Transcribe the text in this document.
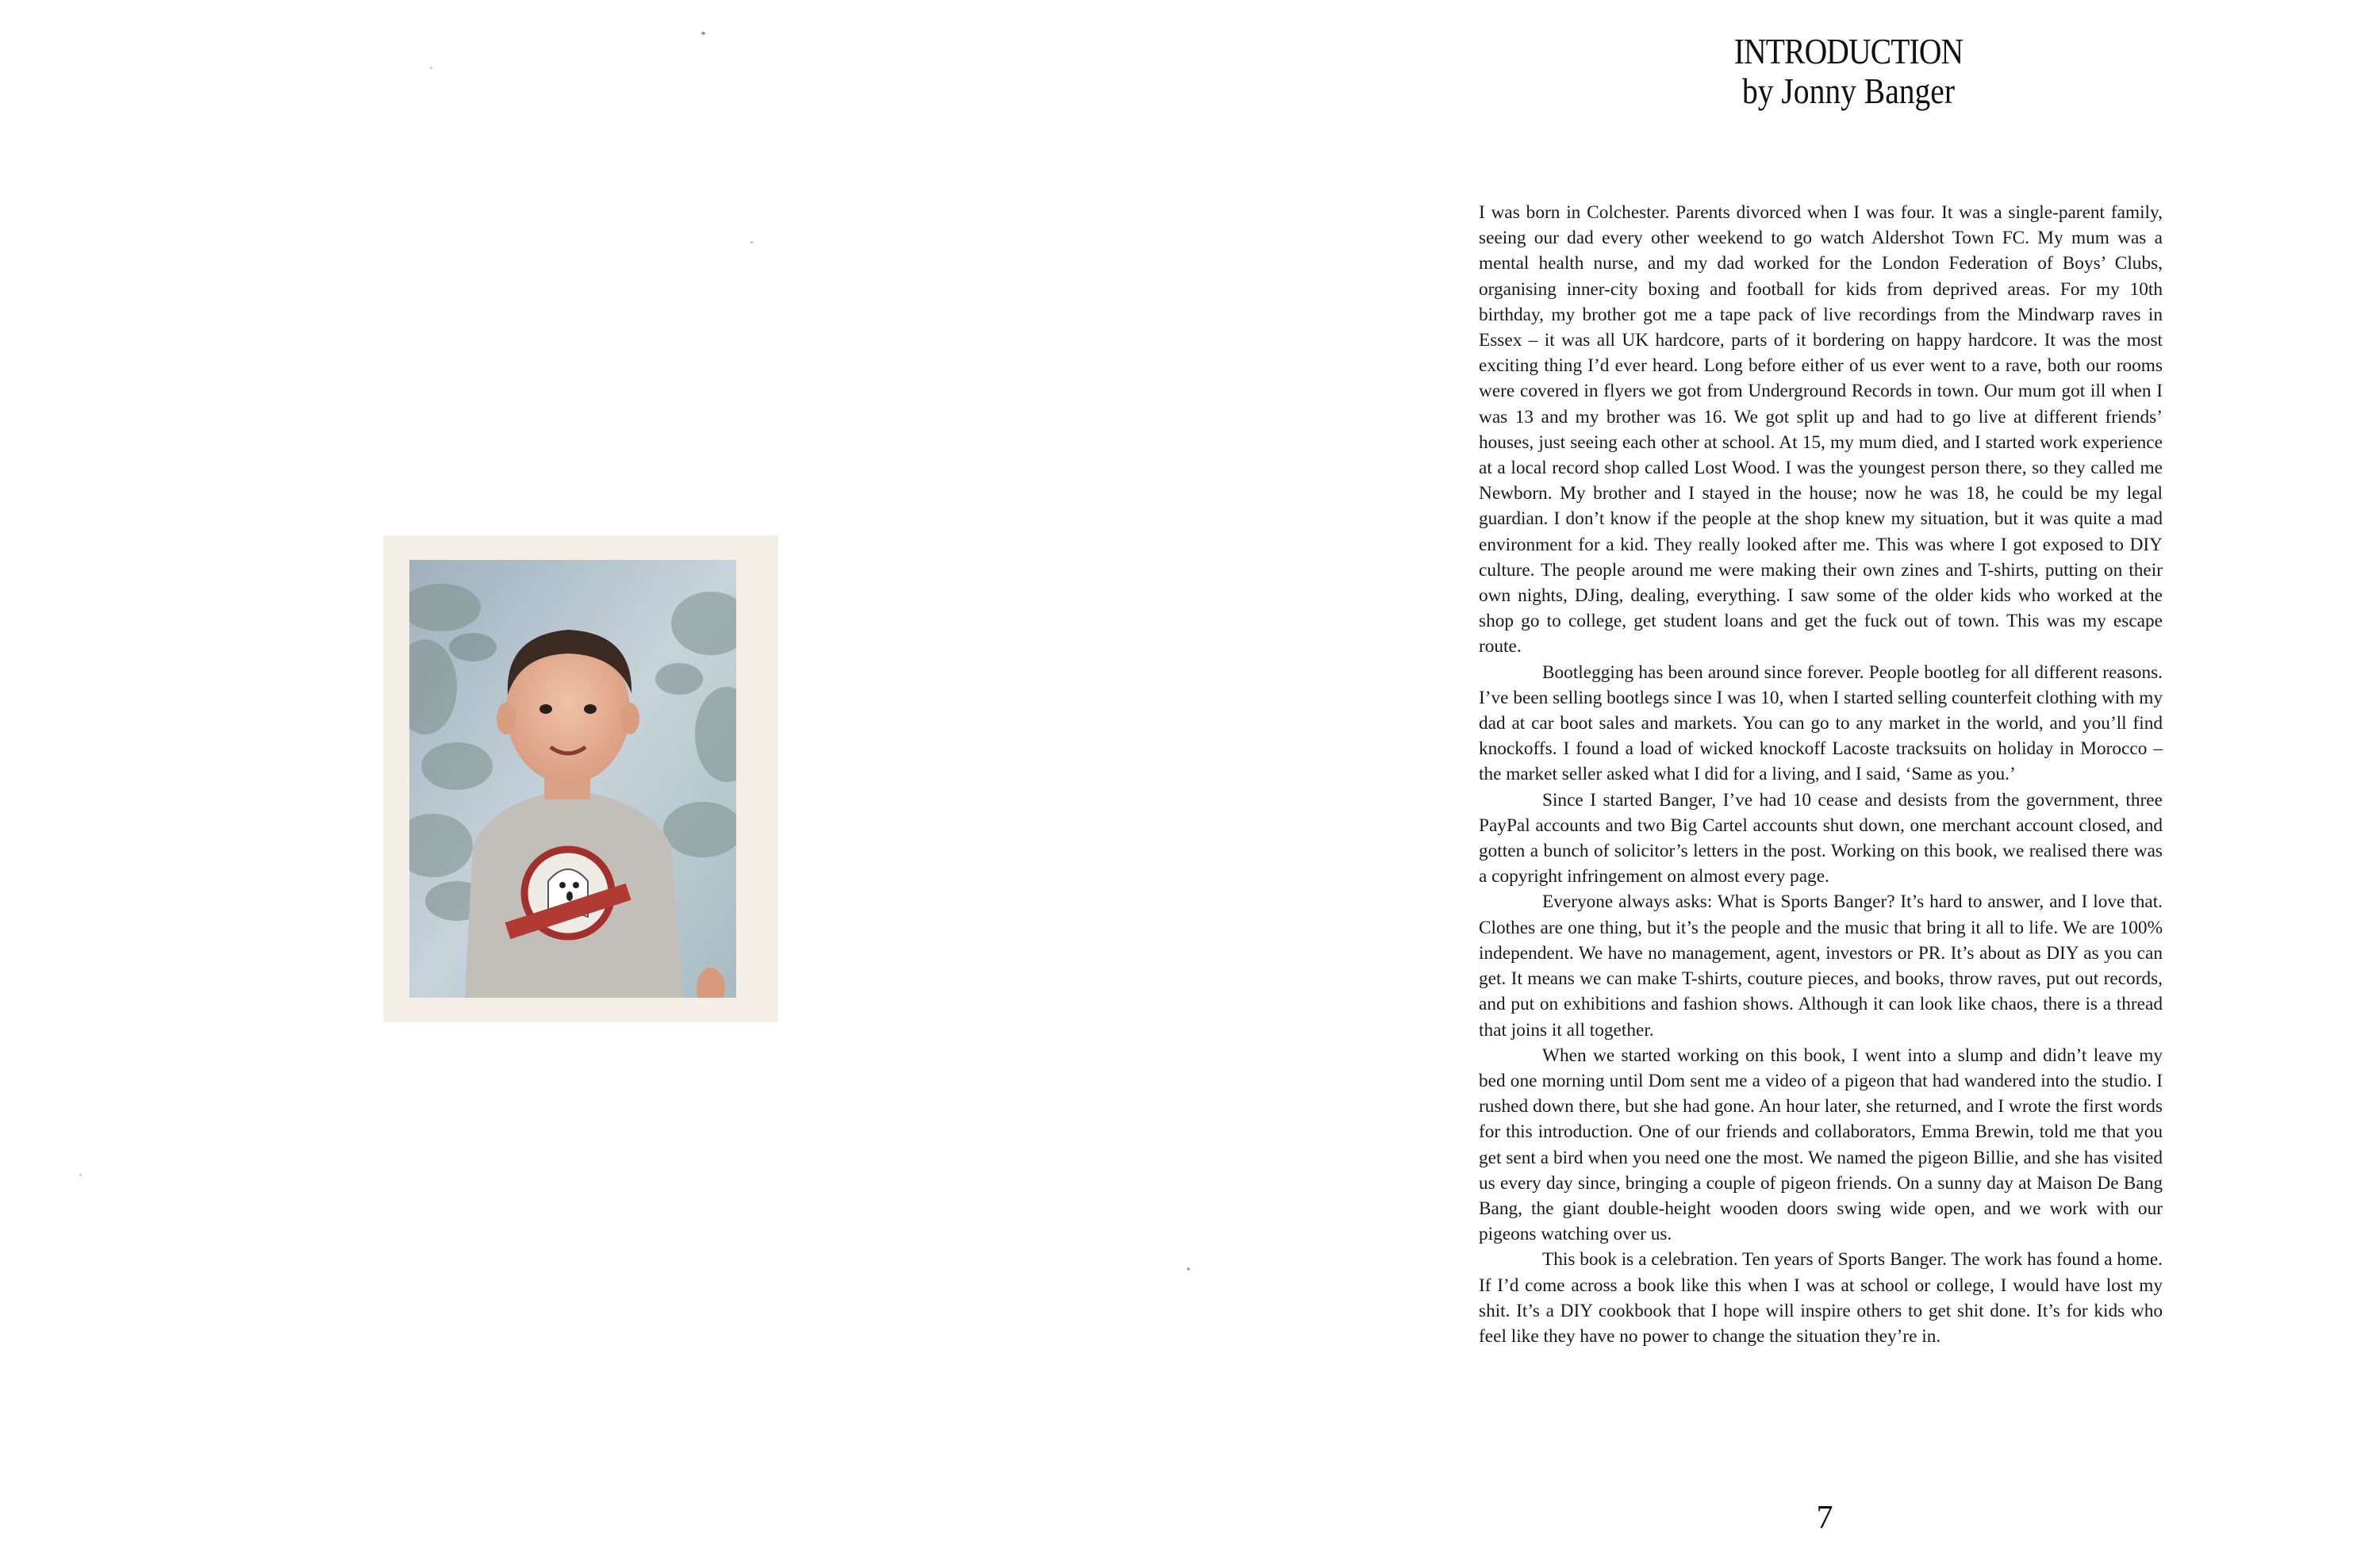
INTRODUCTION
by Jonny Banger

I was born in Colchester. Parents divorced when I was four. It was a single-parent family, seeing our dad every other weekend to go watch Aldershot Town FC. My mum was a mental health nurse, and my dad worked for the London Federation of Boys’ Clubs, organising inner-city boxing and football for kids from deprived areas. For my 10th birthday, my brother got me a tape pack of live recordings from the Mindwarp raves in Essex – it was all UK hardcore, parts of it bordering on happy hardcore. It was the most exciting thing I’d ever heard. Long before either of us ever went to a rave, both our rooms were covered in flyers we got from Underground Records in town. Our mum got ill when I was 13 and my brother was 16. We got split up and had to go live at different friends’ houses, just seeing each other at school. At 15, my mum died, and I started work experience at a local record shop called Lost Wood. I was the youngest person there, so they called me Newborn. My brother and I stayed in the house; now he was 18, he could be my legal guardian. I don’t know if the people at the shop knew my situation, but it was quite a mad environment for a kid. They really looked after me. This was where I got exposed to DIY culture. The people around me were making their own zines and T-shirts, putting on their own nights, DJing, dealing, everything. I saw some of the older kids who worked at the shop go to college, get student loans and get the fuck out of town. This was my escape route.

Bootlegging has been around since forever. People bootleg for all different reasons. I’ve been selling bootlegs since I was 10, when I started selling counterfeit clothing with my dad at car boot sales and markets. You can go to any market in the world, and you’ll find knockoffs. I found a load of wicked knockoff Lacoste tracksuits on holiday in Morocco – the market seller asked what I did for a living, and I said, ‘Same as you.’

Since I started Banger, I’ve had 10 cease and desists from the government, three PayPal accounts and two Big Cartel accounts shut down, one merchant account closed, and gotten a bunch of solicitor’s letters in the post. Working on this book, we realised there was a copyright infringement on almost every page.

Everyone always asks: What is Sports Banger? It’s hard to answer, and I love that. Clothes are one thing, but it’s the people and the music that bring it all to life. We are 100% independent. We have no management, agent, investors or PR. It’s about as DIY as you can get. It means we can make T-shirts, couture pieces, and books, throw raves, put out records, and put on exhibitions and fashion shows. Although it can look like chaos, there is a thread that joins it all together.

When we started working on this book, I went into a slump and didn’t leave my bed one morning until Dom sent me a video of a pigeon that had wandered into the studio. I rushed down there, but she had gone. An hour later, she returned, and I wrote the first words for this introduction. One of our friends and collaborators, Emma Brewin, told me that you get sent a bird when you need one the most. We named the pigeon Billie, and she has visited us every day since, bringing a couple of pigeon friends. On a sunny day at Maison De Bang Bang, the giant double-height wooden doors swing wide open, and we work with our pigeons watching over us.

This book is a celebration. Ten years of Sports Banger. The work has found a home. If I’d come across a book like this when I was at school or college, I would have lost my shit. It’s a DIY cookbook that I hope will inspire others to get shit done. It’s for kids who feel like they have no power to change the situation they’re in.

7
